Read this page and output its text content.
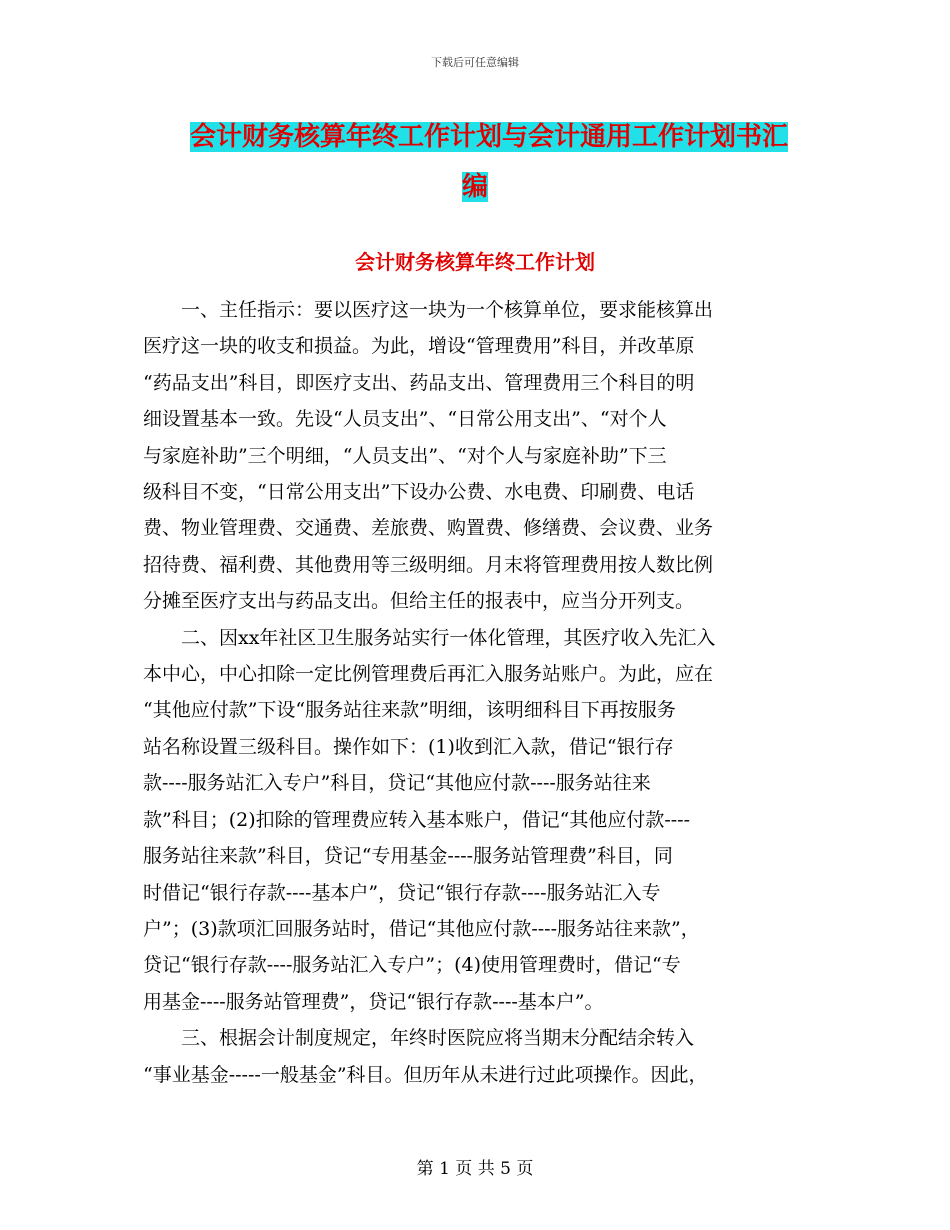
下载后可任意编辑
会计财务核算年终工作计划与会计通用工作计划书汇
编
会计财务核算年终工作计划

　　一、主任指示：要以医疗这一块为一个核算单位，要求能核算出
医疗这一块的收支和损益。为此，增设“管理费用”科目，并改革原
“药品支出”科目，即医疗支出、药品支出、管理费用三个科目的明
细设置基本一致。先设“人员支出”、“日常公用支出”、“对个人
与家庭补助”三个明细，“人员支出”、“对个人与家庭补助”下三
级科目不变，“日常公用支出”下设办公费、水电费、印刷费、电话
费、物业管理费、交通费、差旅费、购置费、修缮费、会议费、业务
招待费、福利费、其他费用等三级明细。月末将管理费用按人数比例
分摊至医疗支出与药品支出。但给主任的报表中，应当分开列支。

　　二、因xx年社区卫生服务站实行一体化管理，其医疗收入先汇入
本中心，中心扣除一定比例管理费后再汇入服务站账户。为此，应在
“其他应付款”下设“服务站往来款”明细，该明细科目下再按服务
站名称设置三级科目。操作如下：(1)收到汇入款，借记“银行存
款----服务站汇入专户”科目，贷记“其他应付款----服务站往来
款”科目；(2)扣除的管理费应转入基本账户，借记“其他应付款----
服务站往来款”科目，贷记“专用基金----服务站管理费”科目，同
时借记“银行存款----基本户”，贷记“银行存款----服务站汇入专
户”；(3)款项汇回服务站时，借记“其他应付款----服务站往来款”，
贷记“银行存款----服务站汇入专户”；(4)使用管理费时，借记“专
用基金----服务站管理费”，贷记“银行存款----基本户”。

　　三、根据会计制度规定，年终时医院应将当期末分配结余转入
“事业基金-----一般基金”科目。但历年从未进行过此项操作。因此，

第 1 页 共 5 页
